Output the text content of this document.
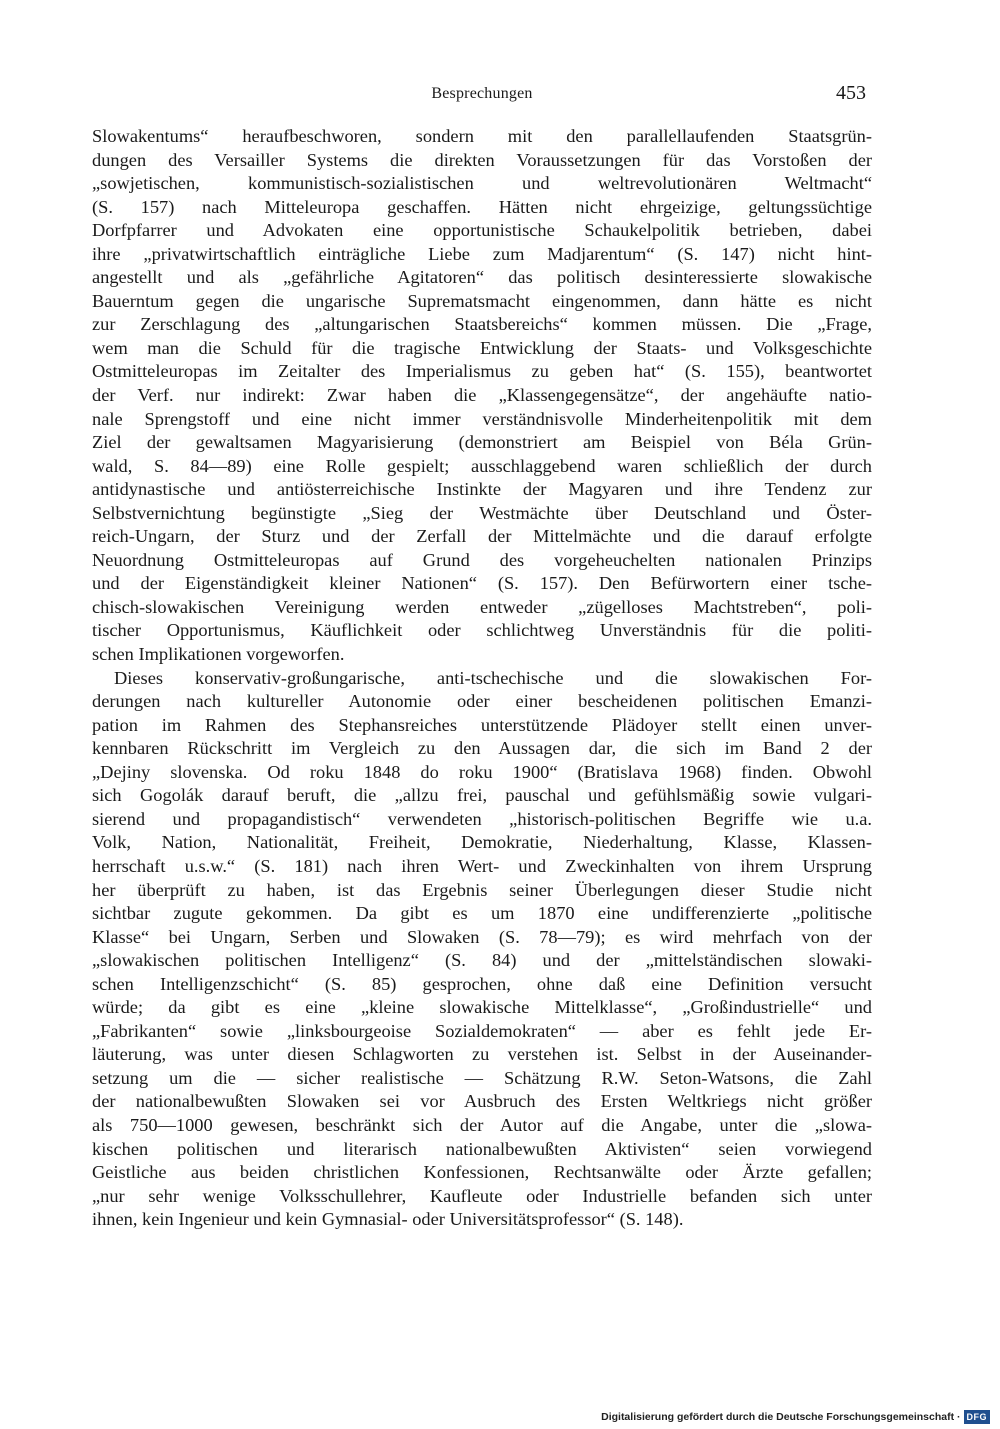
Besprechungen	453
Slowakentums“ heraufbeschworen, sondern mit den parallellaufenden Staatsgrün-
dungen des Versailler Systems die direkten Voraussetzungen für das Vorstoßen der
„sowjetischen, kommunistisch-sozialistischen und weltrevolutionären Weltmacht“
(S. 157) nach Mitteleuropa geschaffen. Hätten nicht ehrgeizige, geltungssüchtige
Dorfpfarrer und Advokaten eine opportunistische Schaukelpolitik betrieben, dabei
ihre „privatwirtschaftlich einträgliche Liebe zum Madjarentum“ (S. 147) nicht hint-
angestellt und als „gefährliche Agitatoren“ das politisch desinteressierte slowakische
Bauerntum gegen die ungarische Suprematsmacht eingenommen, dann hätte es nicht
zur Zerschlagung des „altungarischen Staatsbereichs“ kommen müssen. Die „Frage,
wem man die Schuld für die tragische Entwicklung der Staats- und Volksgeschichte
Ostmitteleuropas im Zeitalter des Imperialismus zu geben hat“ (S. 155), beantwortet
der Verf. nur indirekt: Zwar haben die „Klassengegensätze“, der angehäufte natio-
nale Sprengstoff und eine nicht immer verständnisvolle Minderheitenpolitik mit dem
Ziel der gewaltsamen Magyarisierung (demonstriert am Beispiel von Béla Grün-
wald, S. 84—89) eine Rolle gespielt; ausschlaggebend waren schließlich der durch
antidynastische und antiösterreichische Instinkte der Magyaren und ihre Tendenz zur
Selbstvernichtung begünstigte „Sieg der Westmächte über Deutschland und Öster-
reich-Ungarn, der Sturz und der Zerfall der Mittelmächte und die darauf erfolgte
Neuordnung Ostmitteleuropas auf Grund des vorgeheuchelten nationalen Prinzips
und der Eigenständigkeit kleiner Nationen“ (S. 157). Den Befürwortern einer tsche-
chisch-slowakischen Vereinigung werden entweder „zügelloses Machtstreben“, poli-
tischer Opportunismus, Käuflichkeit oder schlichtweg Unverständnis für die politi-
schen Implikationen vorgeworfen.
Dieses konservativ-großungarische, anti-tschechische und die slowakischen For-
derungen nach kultureller Autonomie oder einer bescheidenen politischen Emanzi-
pation im Rahmen des Stephansreiches unterstützende Plädoyer stellt einen unver-
kennbaren Rückschritt im Vergleich zu den Aussagen dar, die sich im Band 2 der
„Dejiny slovenska. Od roku 1848 do roku 1900“ (Bratislava 1968) finden. Obwohl
sich Gogolák darauf beruft, die „allzu frei, pauschal und gefühlsmäßig sowie vulgari-
sierend und propagandistisch“ verwendeten „historisch-politischen Begriffe wie u.a.
Volk, Nation, Nationalität, Freiheit, Demokratie, Niederhaltung, Klasse, Klassen-
herrschaft u.s.w.“ (S. 181) nach ihren Wert- und Zweckinhalten von ihrem Ursprung
her überprüft zu haben, ist das Ergebnis seiner Überlegungen dieser Studie nicht
sichtbar zugute gekommen. Da gibt es um 1870 eine undifferenzierte „politische
Klasse“ bei Ungarn, Serben und Slowaken (S. 78—79); es wird mehrfach von der
„slowakischen politischen Intelligenz“ (S. 84) und der „mittelständischen slowaki-
schen Intelligenzschicht“ (S. 85) gesprochen, ohne daß eine Definition versucht
würde; da gibt es eine „kleine slowakische Mittelklasse“, „Großindustrielle“ und
„Fabrikanten“ sowie „linksbourgeoise Sozialdemokraten“ — aber es fehlt jede Er-
läuterung, was unter diesen Schlagworten zu verstehen ist. Selbst in der Auseinander-
setzung um die — sicher realistische — Schätzung R.W. Seton-Watsons, die Zahl
der nationalbewußten Slowaken sei vor Ausbruch des Ersten Weltkriegs nicht größer
als 750—1000 gewesen, beschränkt sich der Autor auf die Angabe, unter die „slowa-
kischen politischen und literarisch nationalbewußten Aktivisten“ seien vorwiegend
Geistliche aus beiden christlichen Konfessionen, Rechtsanwälte oder Ärzte gefallen;
„nur sehr wenige Volksschullehrer, Kaufleute oder Industrielle befanden sich unter
ihnen, kein Ingenieur und kein Gymnasial- oder Universitätsprofessor“ (S. 148).
Digitalisierung gefördert durch die Deutsche Forschungsgemeinschaft · DFG
